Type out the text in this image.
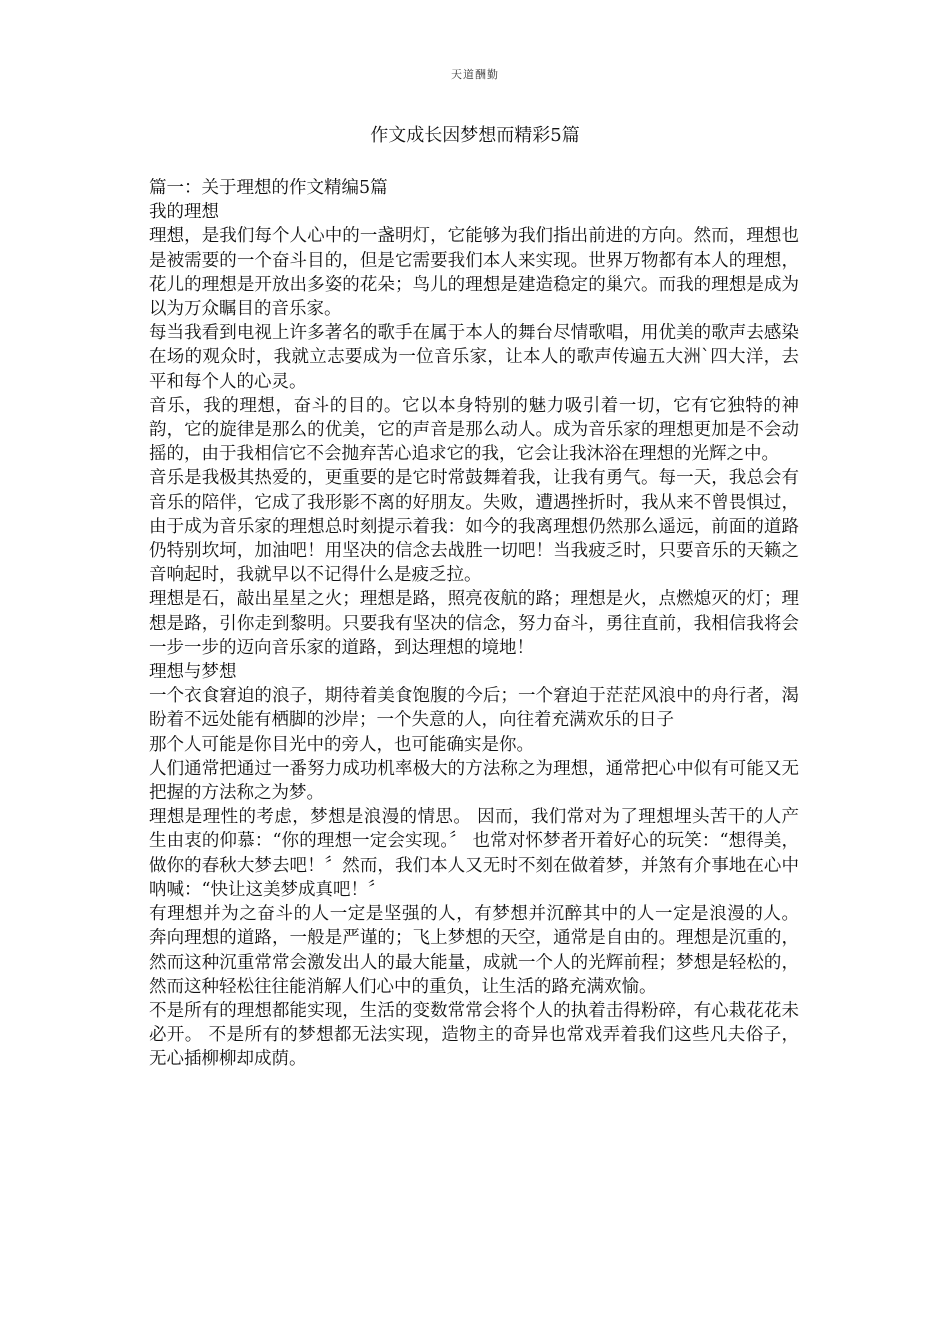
天道酬勤
作文成长因梦想而精彩5篇

篇一：关于理想的作文精编5篇

我的理想

理想，是我们每个人心中的一盏明灯，它能够为我们指出前进的方向。然而，理想也是被需要的一个奋斗目的，但是它需要我们本人来实现。世界万物都有本人的理想，花儿的理想是开放出多姿的花朵；鸟儿的理想是建造稳定的巢穴。而我的理想是成为以为万众瞩目的音乐家。

每当我看到电视上许多著名的歌手在属于本人的舞台尽情歌唱，用优美的歌声去感染在场的观众时，我就立志要成为一位音乐家，让本人的歌声传遍五大洲`四大洋，去平和每个人的心灵。

音乐，我的理想，奋斗的目的。它以本身特别的魅力吸引着一切，它有它独特的神韵，它的旋律是那么的优美，它的声音是那么动人。成为音乐家的理想更加是不会动摇的，由于我相信它不会抛弃苦心追求它的我，它会让我沐浴在理想的光辉之中。

音乐是我极其热爱的，更重要的是它时常鼓舞着我，让我有勇气。每一天，我总会有音乐的陪伴，它成了我形影不离的好朋友。失败，遭遇挫折时，我从来不曾畏惧过，由于成为音乐家的理想总时刻提示着我：如今的我离理想仍然那么遥远，前面的道路仍特别坎坷，加油吧！用坚决的信念去战胜一切吧！当我疲乏时，只要音乐的天籁之音响起时，我就早以不记得什么是疲乏拉。

理想是石，敲出星星之火；理想是路，照亮夜航的路；理想是火，点燃熄灭的灯；理想是路，引你走到黎明。只要我有坚决的信念，努力奋斗，勇往直前，我相信我将会一步一步的迈向音乐家的道路，到达理想的境地！

理想与梦想

一个衣食窘迫的浪子，期待着美食饱腹的今后；一个窘迫于茫茫风浪中的舟行者，渴盼着不远处能有栖脚的沙岸；一个失意的人，向往着充满欢乐的日子

那个人可能是你目光中的旁人，也可能确实是你。

人们通常把通过一番努力成功机率极大的方法称之为理想，通常把心中似有可能又无把握的方法称之为梦。

理想是理性的考虑，梦想是浪漫的情思。 因而，我们常对为了理想埋头苦干的人产生由衷的仰慕：“你的理想一定会实现。〞 也常对怀梦者开着好心的玩笑：“想得美，做你的春秋大梦去吧！〞然而，我们本人又无时不刻在做着梦，并煞有介事地在心中呐喊：“快让这美梦成真吧！〞

有理想并为之奋斗的人一定是坚强的人，有梦想并沉醉其中的人一定是浪漫的人。 奔向理想的道路，一般是严谨的；飞上梦想的天空，通常是自由的。理想是沉重的，然而这种沉重常常会激发出人的最大能量，成就一个人的光辉前程；梦想是轻松的，然而这种轻松往往能消解人们心中的重负，让生活的路充满欢愉。

不是所有的理想都能实现，生活的变数常常会将个人的执着击得粉碎，有心栽花花未必开。 不是所有的梦想都无法实现，造物主的奇异也常戏弄着我们这些凡夫俗子，无心插柳柳却成荫。
